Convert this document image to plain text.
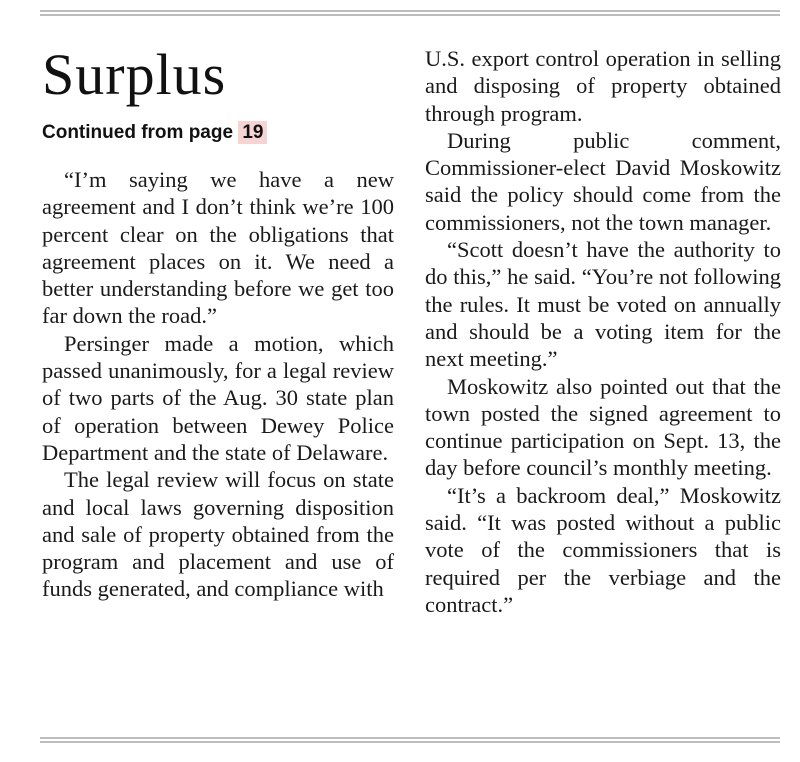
Surplus
Continued from page 19

“I’m saying we have a new agreement and I don’t think we’re 100 percent clear on the obligations that agreement places on it. We need a better understanding before we get too far down the road.”

Persinger made a motion, which passed unanimously, for a legal review of two parts of the Aug. 30 state plan of operation between Dewey Police Department and the state of Delaware.

The legal review will focus on state and local laws governing disposition and sale of property obtained from the program and placement and use of funds generated, and compliance with

U.S. export control operation in selling and disposing of property obtained through program.

During public comment, Commissioner-elect David Moskowitz said the policy should come from the commissioners, not the town manager.

“Scott doesn’t have the authority to do this,” he said. “You’re not following the rules. It must be voted on annually and should be a voting item for the next meeting.”

Moskowitz also pointed out that the town posted the signed agreement to continue participation on Sept. 13, the day before council’s monthly meeting.

“It’s a backroom deal,” Moskowitz said. “It was posted without a public vote of the commissioners that is required per the verbiage and the contract.”
